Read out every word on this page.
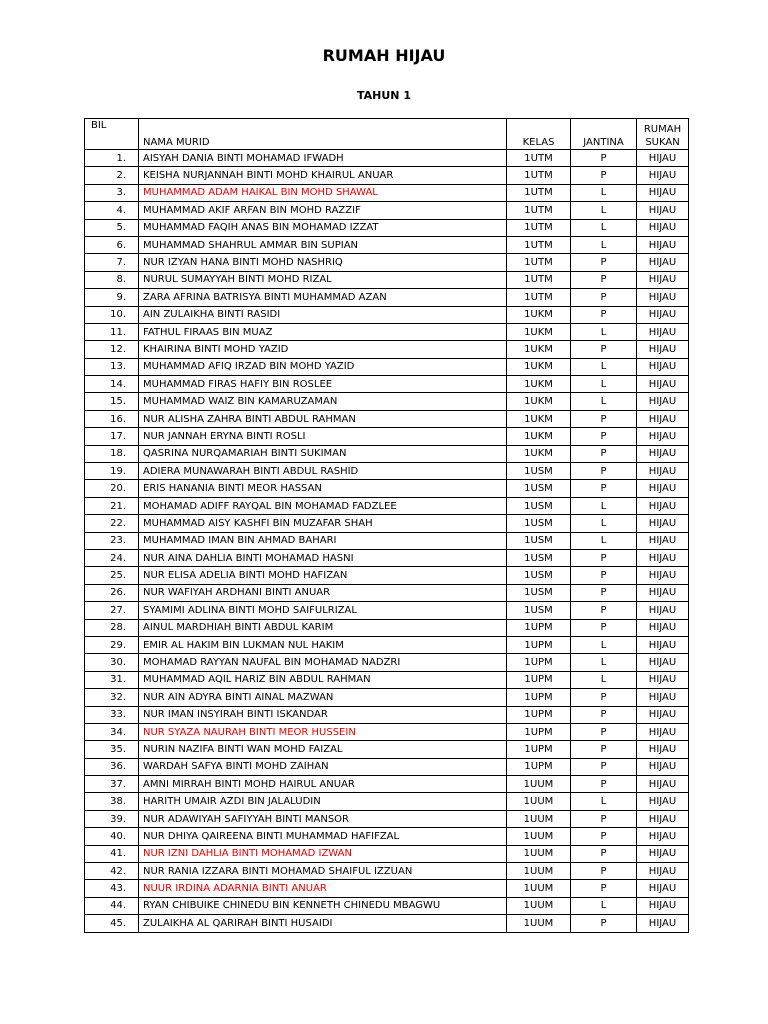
RUMAH HIJAU
TAHUN 1
BIL	NAMA MURID	KELAS	JANTINA	RUMAH
SUKAN
1.	AISYAH DANIA BINTI MOHAMAD IFWADH	1UTM	P	HIJAU
2.	KEISHA NURJANNAH BINTI MOHD KHAIRUL ANUAR	1UTM	P	HIJAU
3.	MUHAMMAD ADAM HAIKAL BIN MOHD SHAWAL	1UTM	L	HIJAU
4.	MUHAMMAD AKIF ARFAN BIN MOHD RAZZIF	1UTM	L	HIJAU
5.	MUHAMMAD FAQIH ANAS BIN MOHAMAD IZZAT	1UTM	L	HIJAU
6.	MUHAMMAD SHAHRUL AMMAR BIN SUPIAN	1UTM	L	HIJAU
7.	NUR IZYAN HANA BINTI MOHD NASHRIQ	1UTM	P	HIJAU
8.	NURUL SUMAYYAH BINTI MOHD RIZAL	1UTM	P	HIJAU
9.	ZARA AFRINA BATRISYA BINTI MUHAMMAD AZAN	1UTM	P	HIJAU
10.	AIN ZULAIKHA BINTI RASIDI	1UKM	P	HIJAU
11.	FATHUL FIRAAS BIN MUAZ	1UKM	L	HIJAU
12.	KHAIRINA BINTI MOHD YAZID	1UKM	P	HIJAU
13.	MUHAMMAD AFIQ IRZAD BIN MOHD YAZID	1UKM	L	HIJAU
14.	MUHAMMAD FIRAS HAFIY BIN ROSLEE	1UKM	L	HIJAU
15.	MUHAMMAD WAIZ BIN KAMARUZAMAN	1UKM	L	HIJAU
16.	NUR ALISHA ZAHRA BINTI ABDUL RAHMAN	1UKM	P	HIJAU
17.	NUR JANNAH ERYNA BINTI ROSLI	1UKM	P	HIJAU
18.	QASRINA NURQAMARIAH BINTI SUKIMAN	1UKM	P	HIJAU
19.	ADIERA MUNAWARAH BINTI ABDUL RASHID	1USM	P	HIJAU
20.	ERIS HANANIA BINTI MEOR HASSAN	1USM	P	HIJAU
21.	MOHAMAD ADIFF RAYQAL BIN MOHAMAD FADZLEE	1USM	L	HIJAU
22.	MUHAMMAD AISY KASHFI BIN MUZAFAR SHAH	1USM	L	HIJAU
23.	MUHAMMAD IMAN BIN AHMAD BAHARI	1USM	L	HIJAU
24.	NUR AINA DAHLIA BINTI MOHAMAD HASNI	1USM	P	HIJAU
25.	NUR ELISA ADELIA BINTI MOHD HAFIZAN	1USM	P	HIJAU
26.	NUR WAFIYAH ARDHANI BINTI ANUAR	1USM	P	HIJAU
27.	SYAMIMI ADLINA BINTI MOHD SAIFULRIZAL	1USM	P	HIJAU
28.	AINUL MARDHIAH BINTI ABDUL KARIM	1UPM	P	HIJAU
29.	EMIR AL HAKIM BIN LUKMAN NUL HAKIM	1UPM	L	HIJAU
30.	MOHAMAD RAYYAN NAUFAL BIN MOHAMAD NADZRI	1UPM	L	HIJAU
31.	MUHAMMAD AQIL HARIZ BIN ABDUL RAHMAN	1UPM	L	HIJAU
32.	NUR AIN ADYRA BINTI AINAL MAZWAN	1UPM	P	HIJAU
33.	NUR IMAN INSYIRAH BINTI ISKANDAR	1UPM	P	HIJAU
34.	NUR SYAZA NAURAH BINTI MEOR HUSSEIN	1UPM	P	HIJAU
35.	NURIN NAZIFA BINTI WAN MOHD FAIZAL	1UPM	P	HIJAU
36.	WARDAH SAFYA BINTI MOHD ZAIHAN	1UPM	P	HIJAU
37.	AMNI MIRRAH BINTI MOHD HAIRUL ANUAR	1UUM	P	HIJAU
38.	HARITH UMAIR AZDI BIN JALALUDIN	1UUM	L	HIJAU
39.	NUR ADAWIYAH SAFIYYAH BINTI MANSOR	1UUM	P	HIJAU
40.	NUR DHIYA QAIREENA BINTI MUHAMMAD HAFIFZAL	1UUM	P	HIJAU
41.	NUR IZNI DAHLIA BINTI MOHAMAD IZWAN	1UUM	P	HIJAU
42.	NUR RANIA IZZARA BINTI MOHAMAD SHAIFUL IZZUAN	1UUM	P	HIJAU
43.	NUUR IRDINA ADARNIA BINTI ANUAR	1UUM	P	HIJAU
44.	RYAN CHIBUIKE CHINEDU BIN KENNETH CHINEDU MBAGWU	1UUM	L	HIJAU
45.	ZULAIKHA AL QARIRAH BINTI HUSAIDI	1UUM	P	HIJAU
